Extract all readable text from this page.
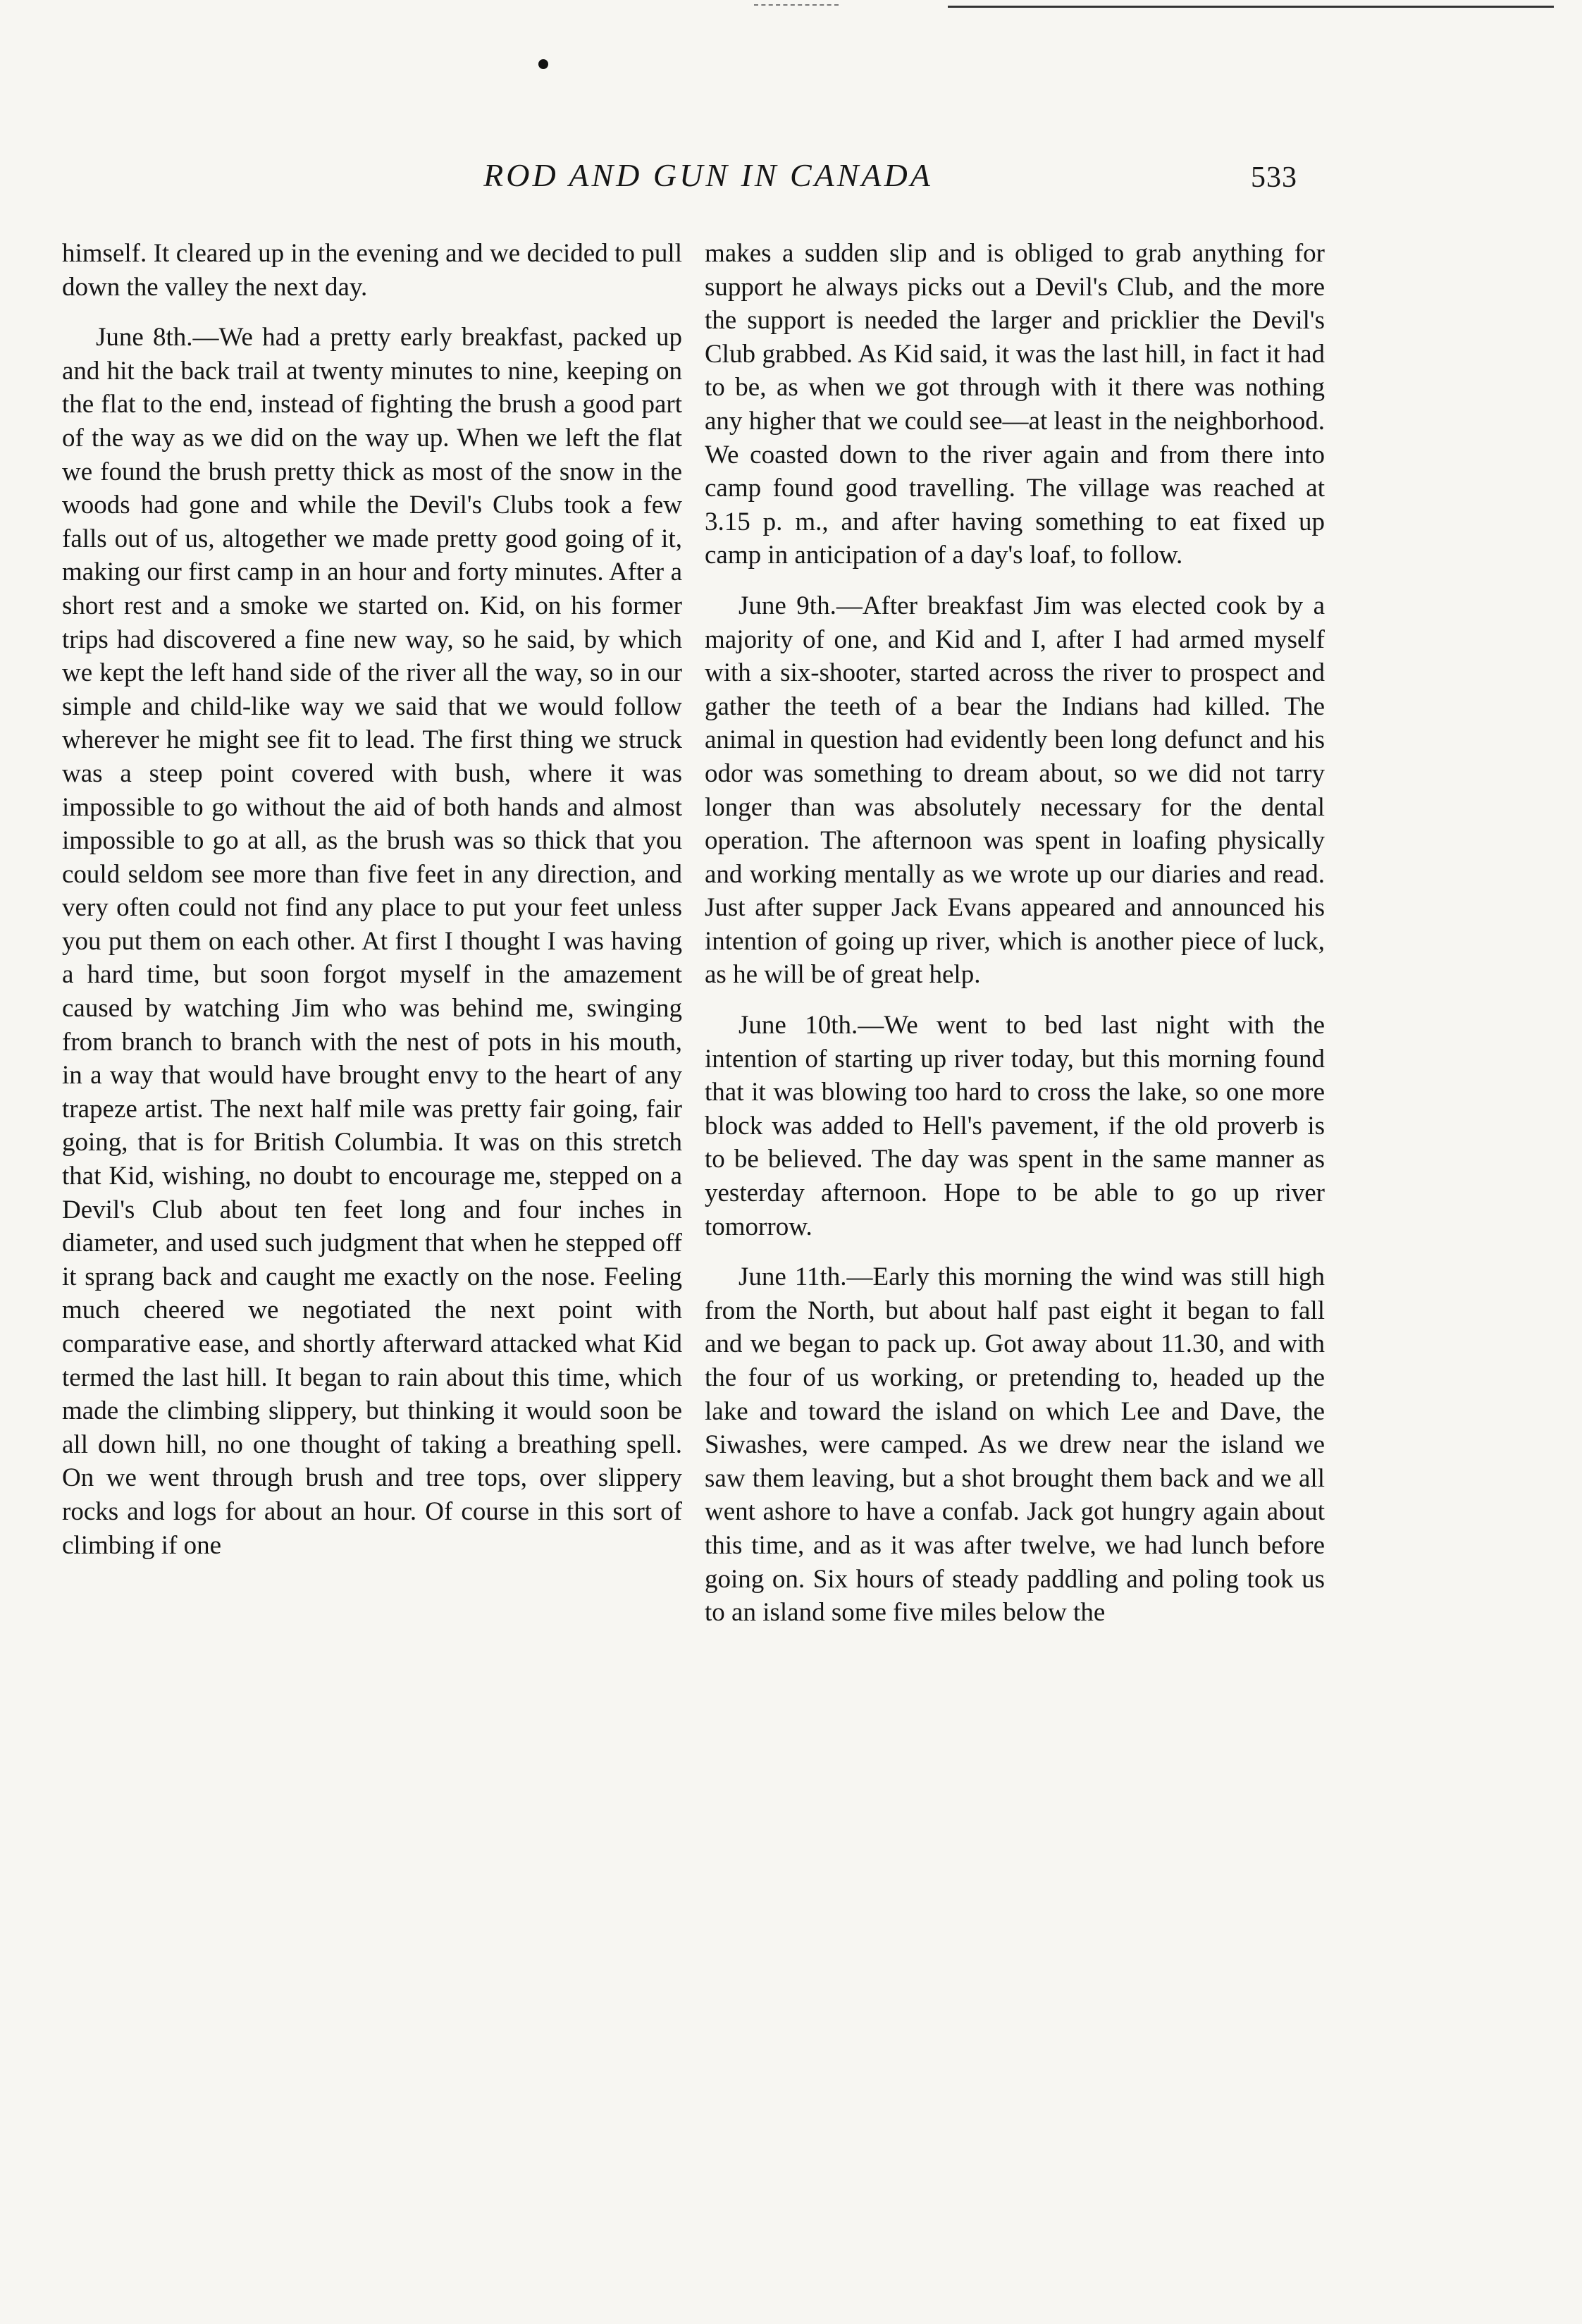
ROD AND GUN IN CANADA	533

himself. It cleared up in the evening and we decided to pull down the valley the next day.

June 8th.—We had a pretty early breakfast, packed up and hit the back trail at twenty minutes to nine, keeping on the flat to the end, instead of fighting the brush a good part of the way as we did on the way up. When we left the flat we found the brush pretty thick as most of the snow in the woods had gone and while the Devil's Clubs took a few falls out of us, altogether we made pretty good going of it, making our first camp in an hour and forty minutes. After a short rest and a smoke we started on. Kid, on his former trips had discovered a fine new way, so he said, by which we kept the left hand side of the river all the way, so in our simple and child-like way we said that we would follow wherever he might see fit to lead. The first thing we struck was a steep point covered with bush, where it was impossible to go without the aid of both hands and almost impossible to go at all, as the brush was so thick that you could seldom see more than five feet in any direction, and very often could not find any place to put your feet unless you put them on each other. At first I thought I was having a hard time, but soon forgot myself in the amazement caused by watching Jim who was behind me, swinging from branch to branch with the nest of pots in his mouth, in a way that would have brought envy to the heart of any trapeze artist. The next half mile was pretty fair going, fair going, that is for British Columbia. It was on this stretch that Kid, wishing, no doubt to encourage me, stepped on a Devil's Club about ten feet long and four inches in diameter, and used such judgment that when he stepped off it sprang back and caught me exactly on the nose. Feeling much cheered we negotiated the next point with comparative ease, and shortly afterward attacked what Kid termed the last hill. It began to rain about this time, which made the climbing slippery, but thinking it would soon be all down hill, no one thought of taking a breathing spell. On we went through brush and tree tops, over slippery rocks and logs for about an hour. Of course in this sort of climbing if one

makes a sudden slip and is obliged to grab anything for support he always picks out a Devil's Club, and the more the support is needed the larger and pricklier the Devil's Club grabbed. As Kid said, it was the last hill, in fact it had to be, as when we got through with it there was nothing any higher that we could see—at least in the neighborhood. We coasted down to the river again and from there into camp found good travelling. The village was reached at 3.15 p. m., and after having something to eat fixed up camp in anticipation of a day's loaf, to follow.

June 9th.—After breakfast Jim was elected cook by a majority of one, and Kid and I, after I had armed myself with a six-shooter, started across the river to prospect and gather the teeth of a bear the Indians had killed. The animal in question had evidently been long defunct and his odor was something to dream about, so we did not tarry longer than was absolutely necessary for the dental operation. The afternoon was spent in loafing physically and working mentally as we wrote up our diaries and read. Just after supper Jack Evans appeared and announced his intention of going up river, which is another piece of luck, as he will be of great help.

June 10th.—We went to bed last night with the intention of starting up river today, but this morning found that it was blowing too hard to cross the lake, so one more block was added to Hell's pavement, if the old proverb is to be believed. The day was spent in the same manner as yesterday afternoon. Hope to be able to go up river tomorrow.

June 11th.—Early this morning the wind was still high from the North, but about half past eight it began to fall and we began to pack up. Got away about 11.30, and with the four of us working, or pretending to, headed up the lake and toward the island on which Lee and Dave, the Siwashes, were camped. As we drew near the island we saw them leaving, but a shot brought them back and we all went ashore to have a confab. Jack got hungry again about this time, and as it was after twelve, we had lunch before going on. Six hours of steady paddling and poling took us to an island some five miles below the
